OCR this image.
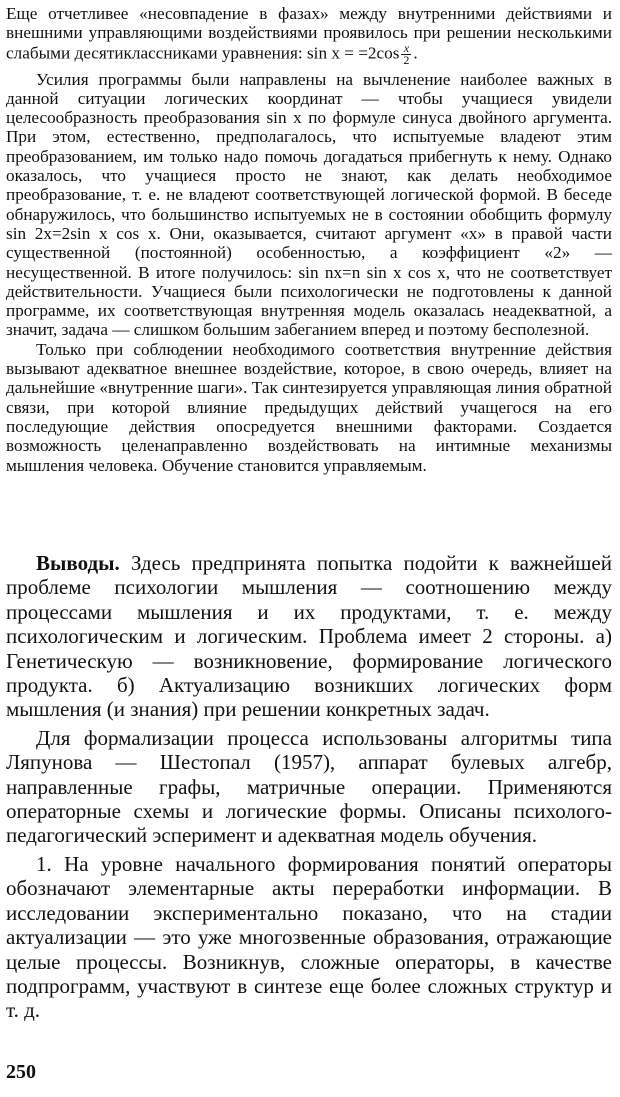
Еще отчетливее «несовпадение в фазах» между внутренними действиями и внешними управляющими воздействиями проявилось при решении несколькими слабыми десятиклассниками уравнения: $\sin x = =2\cos \frac{x}{2}$ .

Усилия программы были направлены на вычленение наиболее важных в данной ситуации логических координат — чтобы учащиеся увидели целесообразность преобразования sin x по формуле синуса двойного аргумента. При этом, естественно, предполагалось, что испытуемые владеют этим преобразованием, им только надо помочь догадаться прибегнуть к нему. Однако оказалось, что учащиеся просто не знают, как делать необходимое преобразование, т. е. не владеют соответствующей логической формой. В беседе обнаружилось, что большинство испытуемых не в состоянии обобщить формулу sin 2x=2sin x cos x. Они, оказывается, считают аргумент «x» в правой части существенной (постоянной) особенностью, а коэффициент «2» — несущественной. В итоге получилось: sin nx=n sin x cos x, что не соответствует действительности. Учащиеся были психологически не подготовлены к данной программе, их соответствующая внутренняя модель оказалась неадекватной, а значит, задача — слишком большим забеганием вперед и поэтому бесполезной.

Только при соблюдении необходимого соответствия внутренние действия вызывают адекватное внешнее воздействие, которое, в свою очередь, влияет на дальнейшие «внутренние шаги». Так синтезируется управляющая линия обратной связи, при которой влияние предыдущих действий учащегося на его последующие действия опосредуется внешними факторами. Создается возможность целенаправленно воздействовать на интимные механизмы мышления человека. Обучение становится управляемым.

Выводы. Здесь предпринята попытка подойти к важнейшей проблеме психологии мышления — соотношению между процессами мышления и их продуктами, т. е. между психологическим и логическим. Проблема имеет 2 стороны. а) Генетическую — возникновение, формирование логического продукта. б) Актуализацию возникших логических форм мышления (и знания) при решении конкретных задач.

Для формализации процесса использованы алгоритмы типа Ляпунова — Шестопал (1957), аппарат булевых алгебр, направленные графы, матричные операции. Применяются операторные схемы и логические формы. Описаны психолого-педагогический эсперимент и адекватная модель обучения.

1. На уровне начального формирования понятий операторы обозначают элементарные акты переработки информации. В исследовании экспериментально показано, что на стадии актуализации — это уже многозвенные образования, отражающие целые процессы. Возникнув, сложные операторы, в качестве подпрограмм, участвуют в синтезе еще более сложных структур и т. д.

250
